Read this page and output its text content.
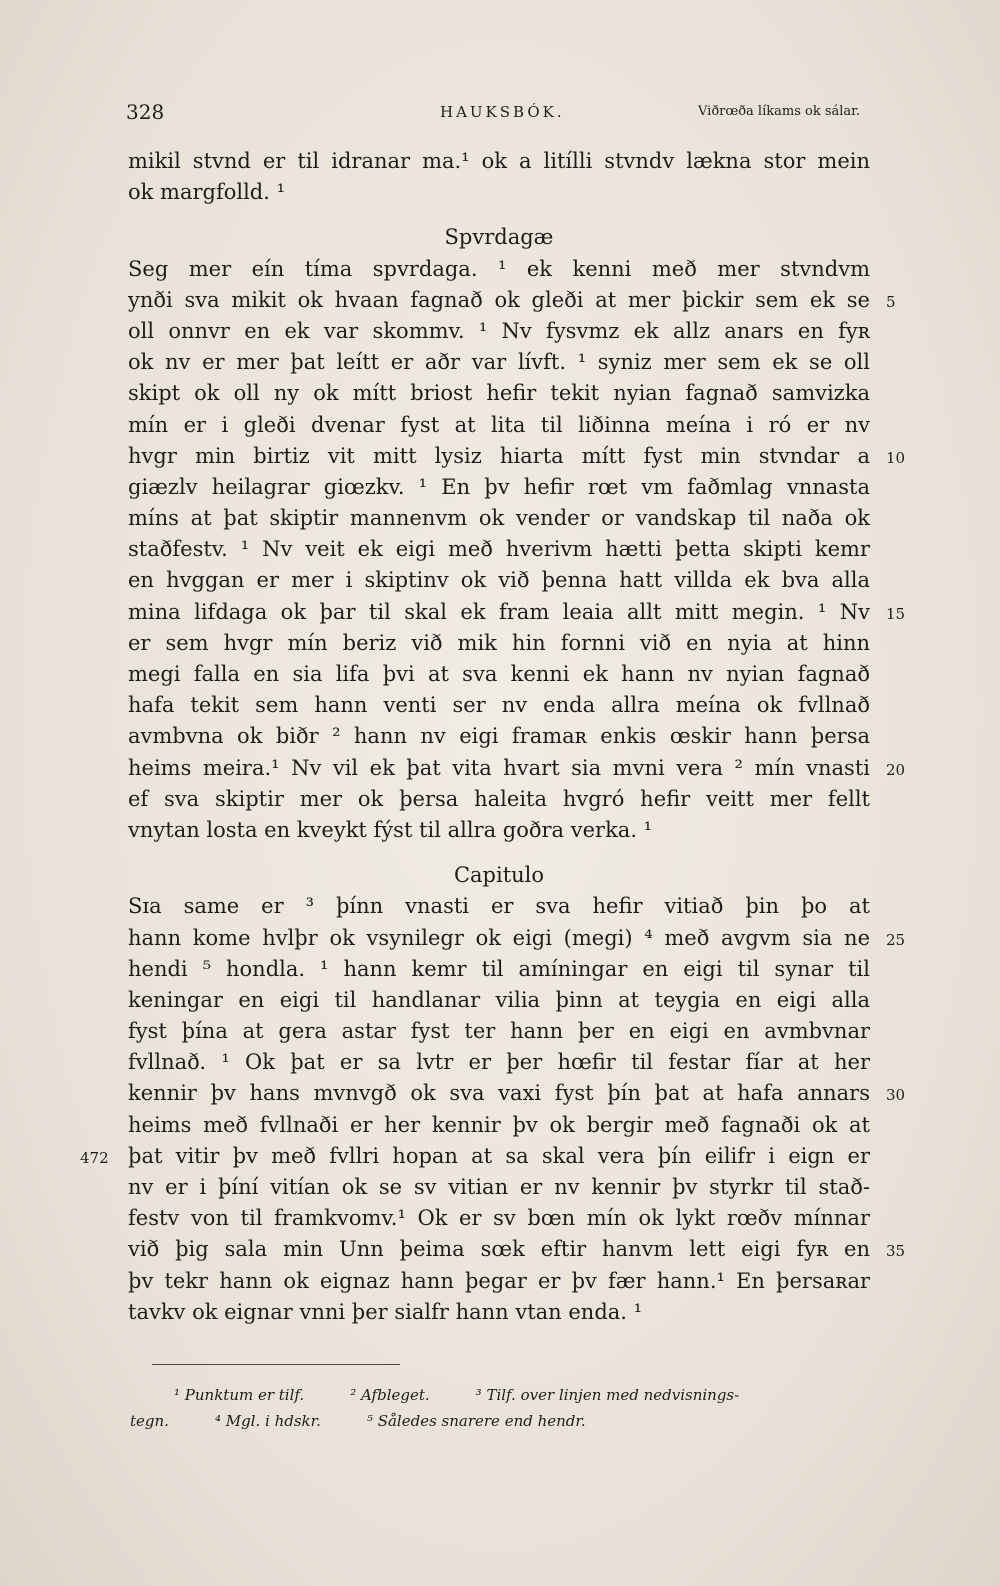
328	HAUKSBÓK.	Viðrœða líkams ok sálar.
mikil stvnd er til idranar ma.¹ ok a litílli stvndv lækna stor mein
ok margfolld. ¹
Spvrdagæ
Seg mer eín tíma spvrdaga. ¹ ek kenni með mer stvndvm
ynði sva mikit ok hvaan fagnað ok gleði at mer þickir sem ek se 5
oll onnvr en ek var skommv. ¹ Nv fysvmz ek allz anars en fyʀ
ok nv er mer þat leítt er aðr var lívft. ¹ syniz mer sem ek se oll
skipt ok oll ny ok mítt briost hefir tekit nyian fagnað samvizka
mín er i gleði dvenar fyst at lita til liðinna meína i ró er nv
hvgr min birtiz vit mitt lysiz hiarta mítt fyst min stvndar a 10
giæzlv heilagrar giœzkv. ¹ En þv hefir rœt vm faðmlag vnnasta
míns at þat skiptir mannenvm ok vender or vandskap til naða ok
staðfestv. ¹ Nv veit ek eigi með hverivm hætti þetta skipti kemr
en hvggan er mer i skiptinv ok við þenna hatt villda ek bva alla
mina lifdaga ok þar til skal ek fram leaia allt mitt megin. ¹ Nv 15
er sem hvgr mín beriz við mik hin fornni við en nyia at hinn
megi falla en sia lifa þvi at sva kenni ek hann nv nyian fagnað
hafa tekit sem hann venti ser nv enda allra meína ok fvllnað
avmbvna ok biðr ² hann nv eigi framaʀ enkis œskir hann þersa
heims meira.¹ Nv vil ek þat vita hvart sia mvni vera ² mín vnasti 20
ef sva skiptir mer ok þersa haleita hvgró hefir veitt mer fellt
vnytan losta en kveykt fýst til allra goðra verka. ¹
Capitulo
Sɪa same er ³ þínn vnasti er sva hefir vitiað þin þo at
hann kome hvlþr ok vsynilegr ok eigi (megi) ⁴ með avgvm sia ne 25
hendi ⁵ hondla. ¹ hann kemr til amíningar en eigi til synar til
keningar en eigi til handlanar vilia þinn at teygia en eigi alla
fyst þína at gera astar fyst ter hann þer en eigi en avmbvnar
fvllnað. ¹ Ok þat er sa lvtr er þer hœfir til festar fíar at her
kennir þv hans mvnvgð ok sva vaxi fyst þín þat at hafa annars 30
heims með fvllnaði er her kennir þv ok bergir með fagnaði ok at
þat vitir þv með fvllri hopan at sa skal vera þín eilifr i eign er
472
nv er i þíní vitían ok se sv vitian er nv kennir þv styrkr til stað-
festv von til framkvomv.¹ Ok er sv bœn mín ok lykt rœðv mínnar
við þig sala min Unn þeima sœk eftir hanvm lett eigi fyʀ en 35
þv tekr hann ok eignaz hann þegar er þv fær hann.¹ En þersaʀar
tavkv ok eignar vnni þer sialfr hann vtan enda. ¹
¹ Punktum er tilf.	² Afbleget.	³ Tilf. over linjen med nedvisnings-
tegn.	⁴ Mgl. i hdskr.	⁵ Således snarere end hendr.
